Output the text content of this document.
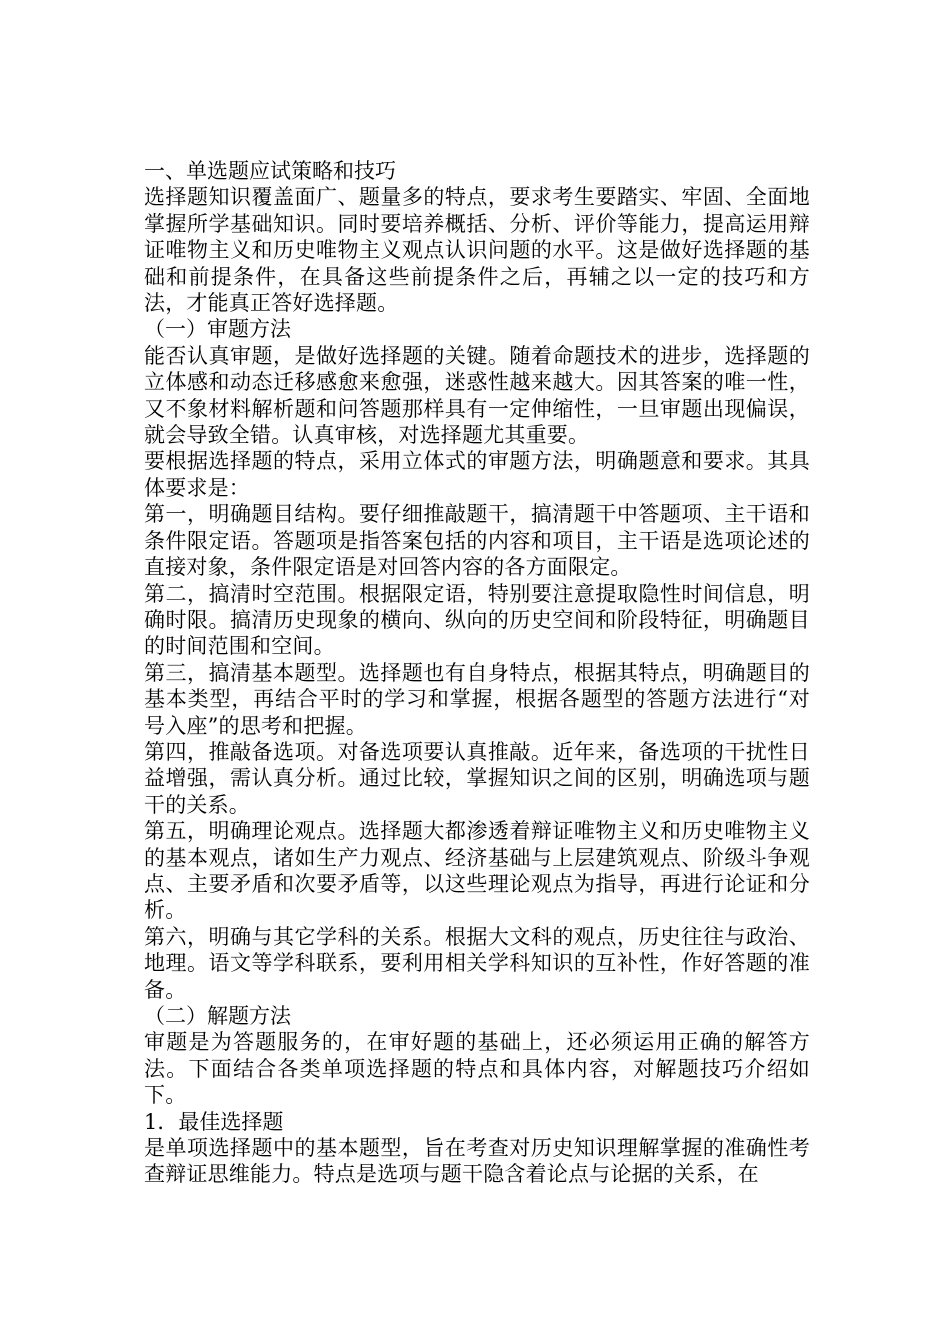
一、单选题应试策略和技巧

选择题知识覆盖面广、题量多的特点，要求考生要踏实、牢固、全面地掌握所学基础知识。同时要培养概括、分析、评价等能力，提高运用辩证唯物主义和历史唯物主义观点认识问题的水平。这是做好选择题的基础和前提条件，在具备这些前提条件之后，再辅之以一定的技巧和方法，才能真正答好选择题。

（一）审题方法

能否认真审题，是做好选择题的关键。随着命题技术的进步，选择题的立体感和动态迁移感愈来愈强，迷惑性越来越大。因其答案的唯一性，又不象材料解析题和问答题那样具有一定伸缩性，一旦审题出现偏误，就会导致全错。认真审核，对选择题尤其重要。

要根据选择题的特点，采用立体式的审题方法，明确题意和要求。其具体要求是：

第一，明确题目结构。要仔细推敲题干，搞清题干中答题项、主干语和条件限定语。答题项是指答案包括的内容和项目，主干语是选项论述的直接对象，条件限定语是对回答内容的各方面限定。

第二，搞清时空范围。根据限定语，特别要注意提取隐性时间信息，明确时限。搞清历史现象的横向、纵向的历史空间和阶段特征，明确题目的时间范围和空间。

第三，搞清基本题型。选择题也有自身特点，根据其特点，明确题目的基本类型，再结合平时的学习和掌握，根据各题型的答题方法进行“对号入座”的思考和把握。

第四，推敲备选项。对备选项要认真推敲。近年来，备选项的干扰性日益增强，需认真分析。通过比较，掌握知识之间的区别，明确选项与题干的关系。

第五，明确理论观点。选择题大都渗透着辩证唯物主义和历史唯物主义的基本观点，诸如生产力观点、经济基础与上层建筑观点、阶级斗争观点、主要矛盾和次要矛盾等，以这些理论观点为指导，再进行论证和分析。

第六，明确与其它学科的关系。根据大文科的观点，历史往往与政治、地理。语文等学科联系，要利用相关学科知识的互补性，作好答题的准备。

（二）解题方法

审题是为答题服务的，在审好题的基础上，还必须运用正确的解答方法。下面结合各类单项选择题的特点和具体内容，对解题技巧介绍如下。

1．最佳选择题

是单项选择题中的基本题型，旨在考查对历史知识理解掌握的准确性考查辩证思维能力。特点是选项与题干隐含着论点与论据的关系，在
